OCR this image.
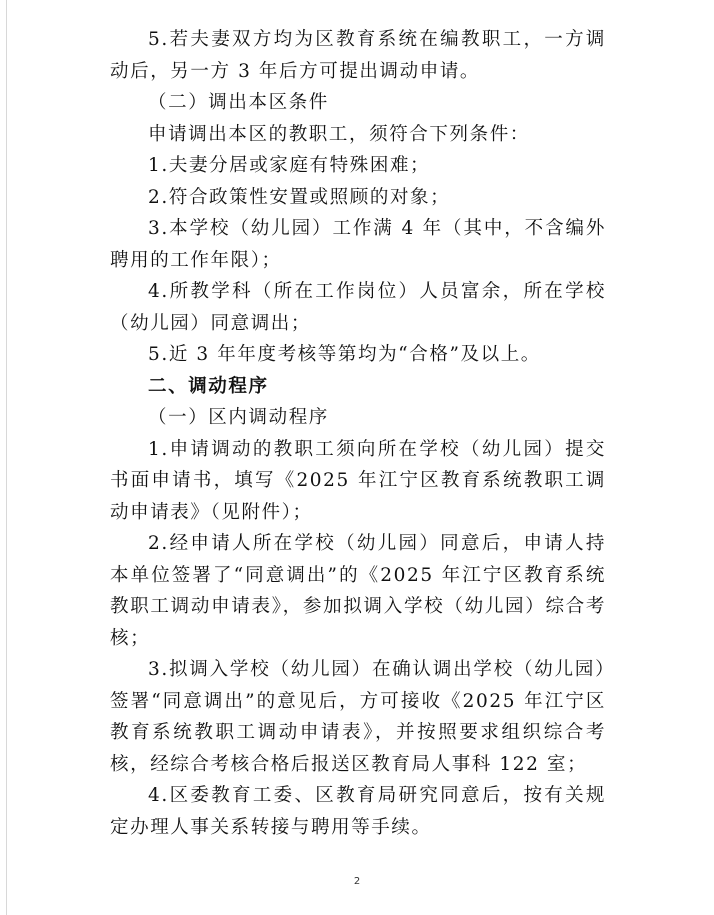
5.若夫妻双方均为区教育系统在编教职工，一方调动后，另一方 3 年后方可提出调动申请。

（二）调出本区条件

申请调出本区的教职工，须符合下列条件：

1.夫妻分居或家庭有特殊困难；

2.符合政策性安置或照顾的对象；

3.本学校（幼儿园）工作满 4 年（其中，不含编外聘用的工作年限）；

4.所教学科（所在工作岗位）人员富余，所在学校（幼儿园）同意调出；

5.近 3 年年度考核等第均为“合格”及以上。

二、调动程序

（一）区内调动程序

1.申请调动的教职工须向所在学校（幼儿园）提交书面申请书，填写《2025 年江宁区教育系统教职工调动申请表》（见附件）；

2.经申请人所在学校（幼儿园）同意后，申请人持本单位签署了“同意调出”的《2025 年江宁区教育系统教职工调动申请表》，参加拟调入学校（幼儿园）综合考核；

3.拟调入学校（幼儿园）在确认调出学校（幼儿园）签署“同意调出”的意见后，方可接收《2025 年江宁区教育系统教职工调动申请表》，并按照要求组织综合考核，经综合考核合格后报送区教育局人事科 122 室；

4.区委教育工委、区教育局研究同意后，按有关规定办理人事关系转接与聘用等手续。

2
